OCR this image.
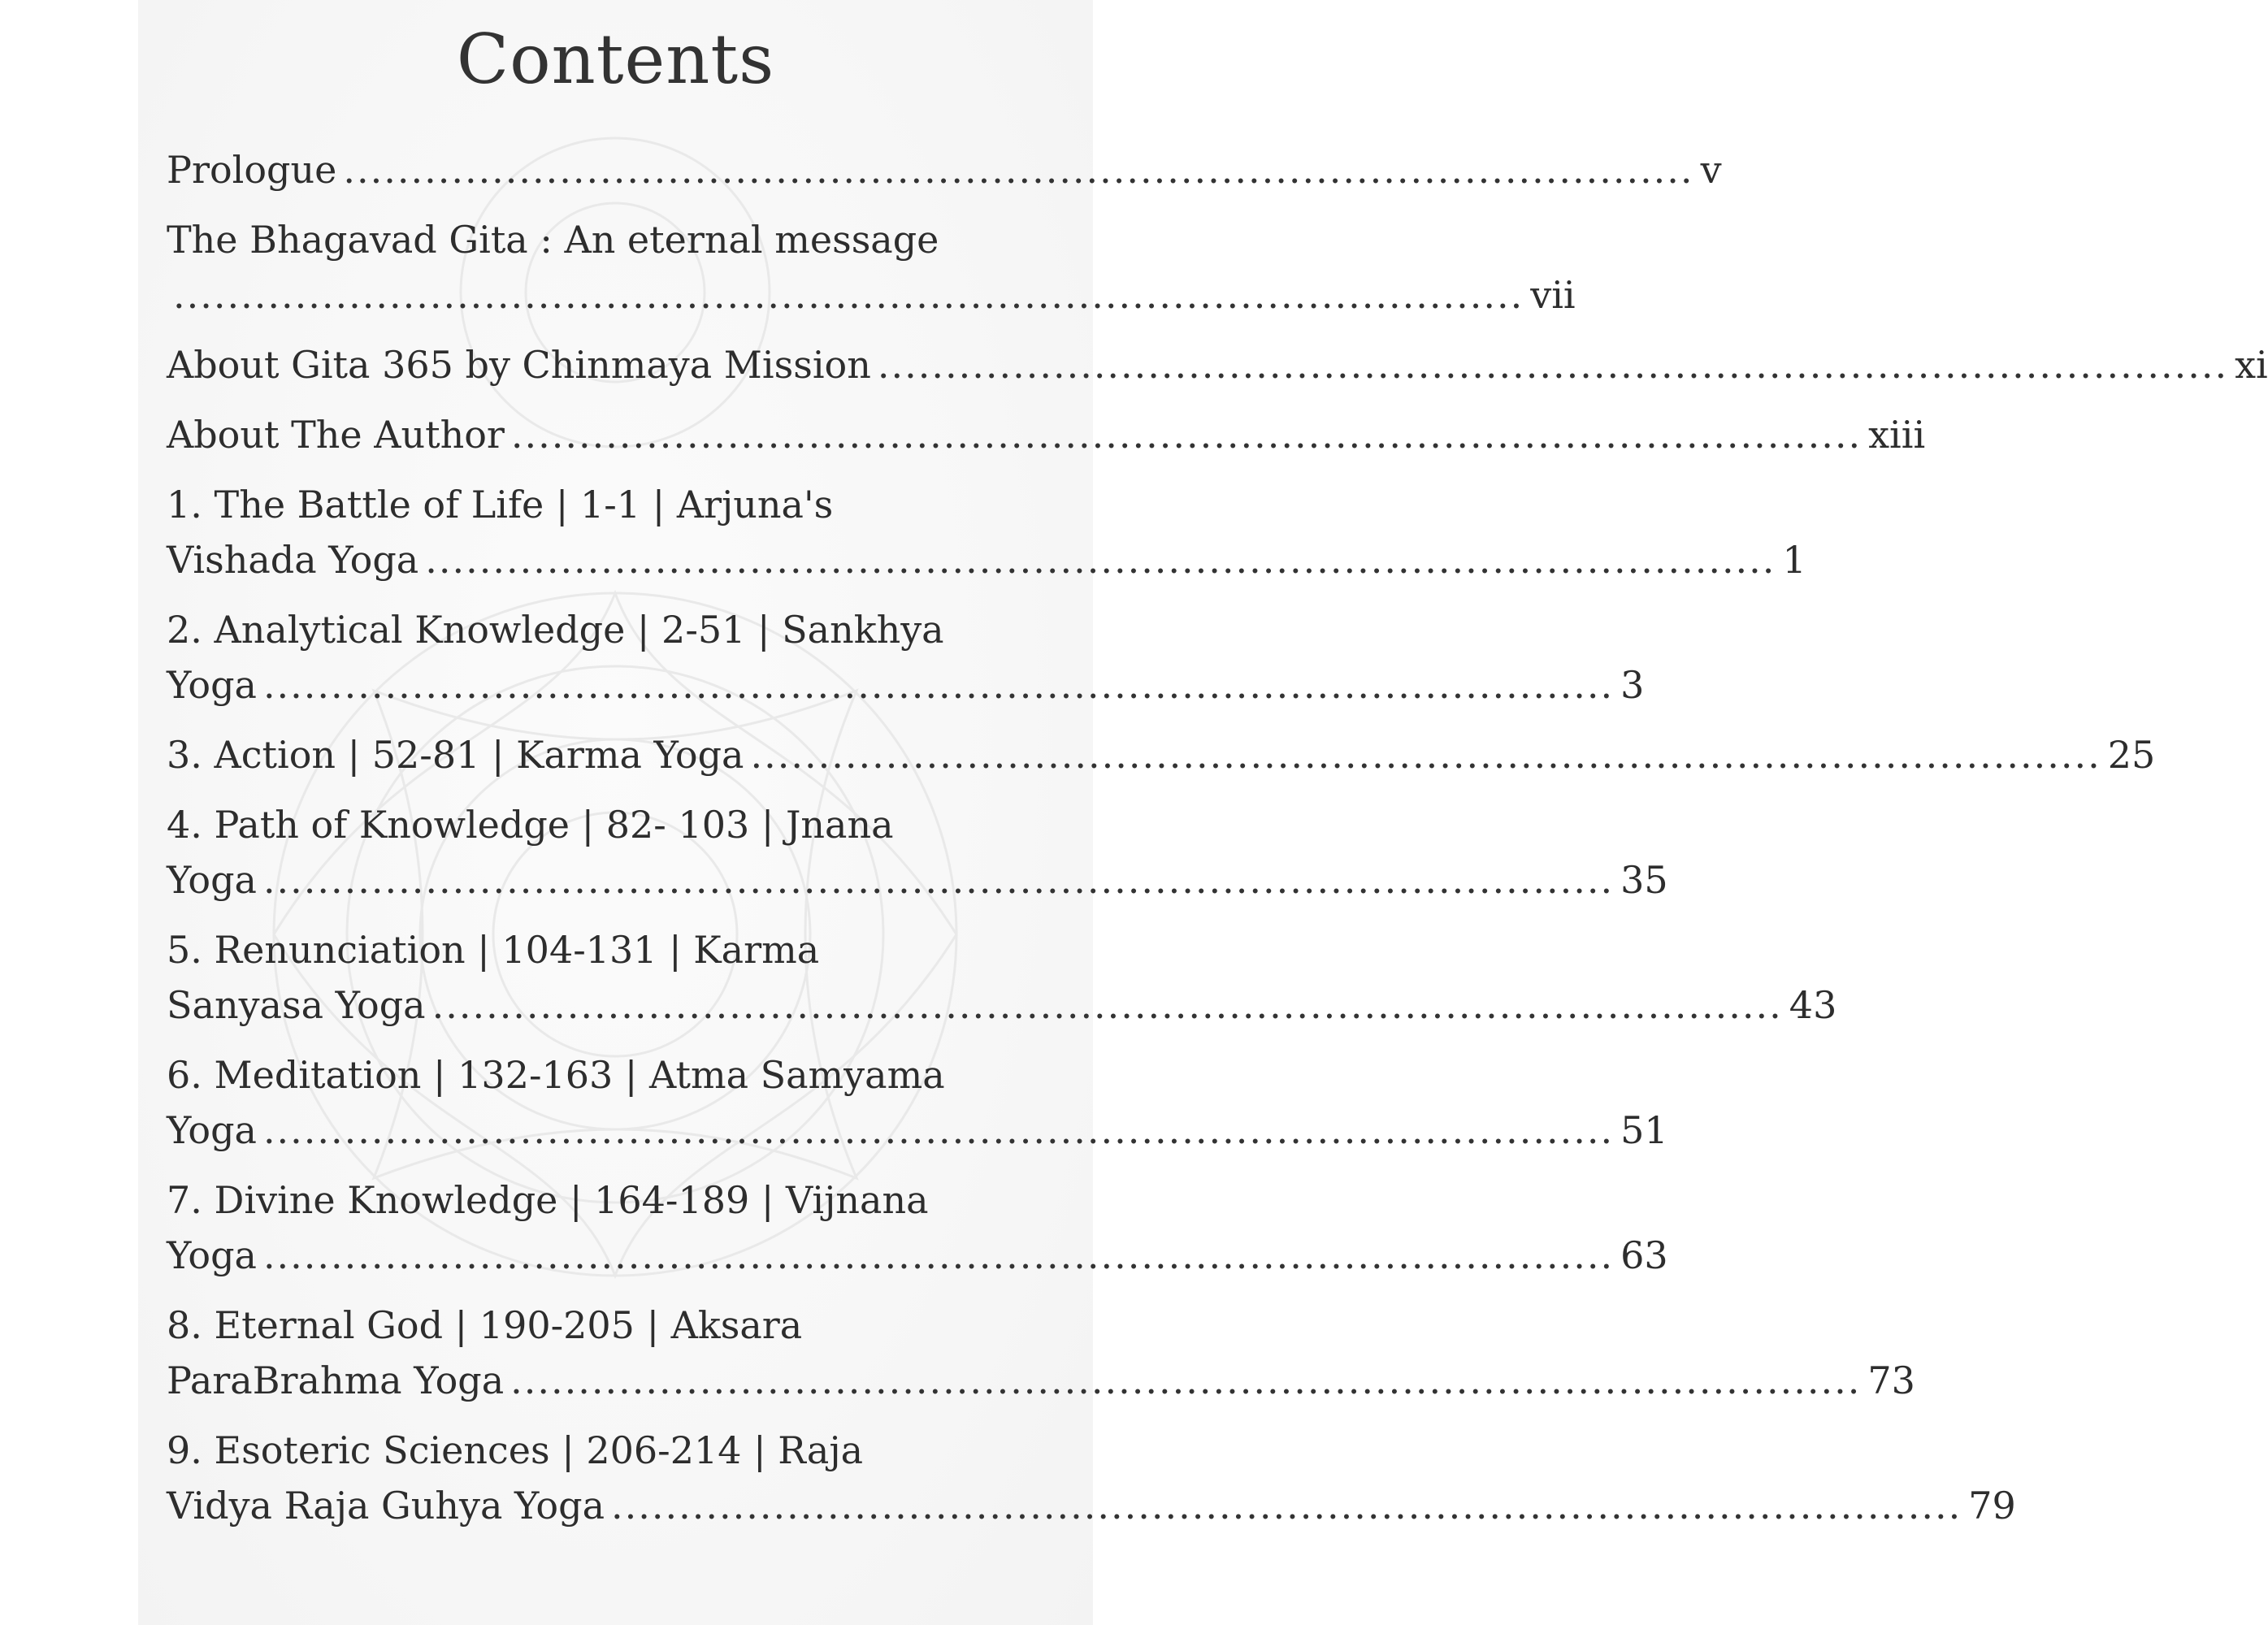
Contents
Prologue .................................................................................................... v
The Bhagavad Gita : An eternal message
.................................................................................................... vii
About Gita 365 by Chinmaya Mission .................................................................................................... xi
About The Author .................................................................................................... xiii
1. The Battle of Life | 1-1 | Arjuna's
Vishada Yoga .................................................................................................... 1
2. Analytical Knowledge | 2-51 | Sankhya
Yoga .................................................................................................... 3
3. Action | 52-81 | Karma Yoga .................................................................................................... 25
4. Path of Knowledge | 82- 103 | Jnana
Yoga .................................................................................................... 35
5. Renunciation | 104-131 | Karma
Sanyasa Yoga .................................................................................................... 43
6. Meditation | 132-163 | Atma Samyama
Yoga .................................................................................................... 51
7. Divine Knowledge | 164-189 | Vijnana
Yoga .................................................................................................... 63
8. Eternal God | 190-205 | Aksara
ParaBrahma Yoga .................................................................................................... 73
9. Esoteric Sciences | 206-214 | Raja
Vidya Raja Guhya Yoga .................................................................................................... 79
